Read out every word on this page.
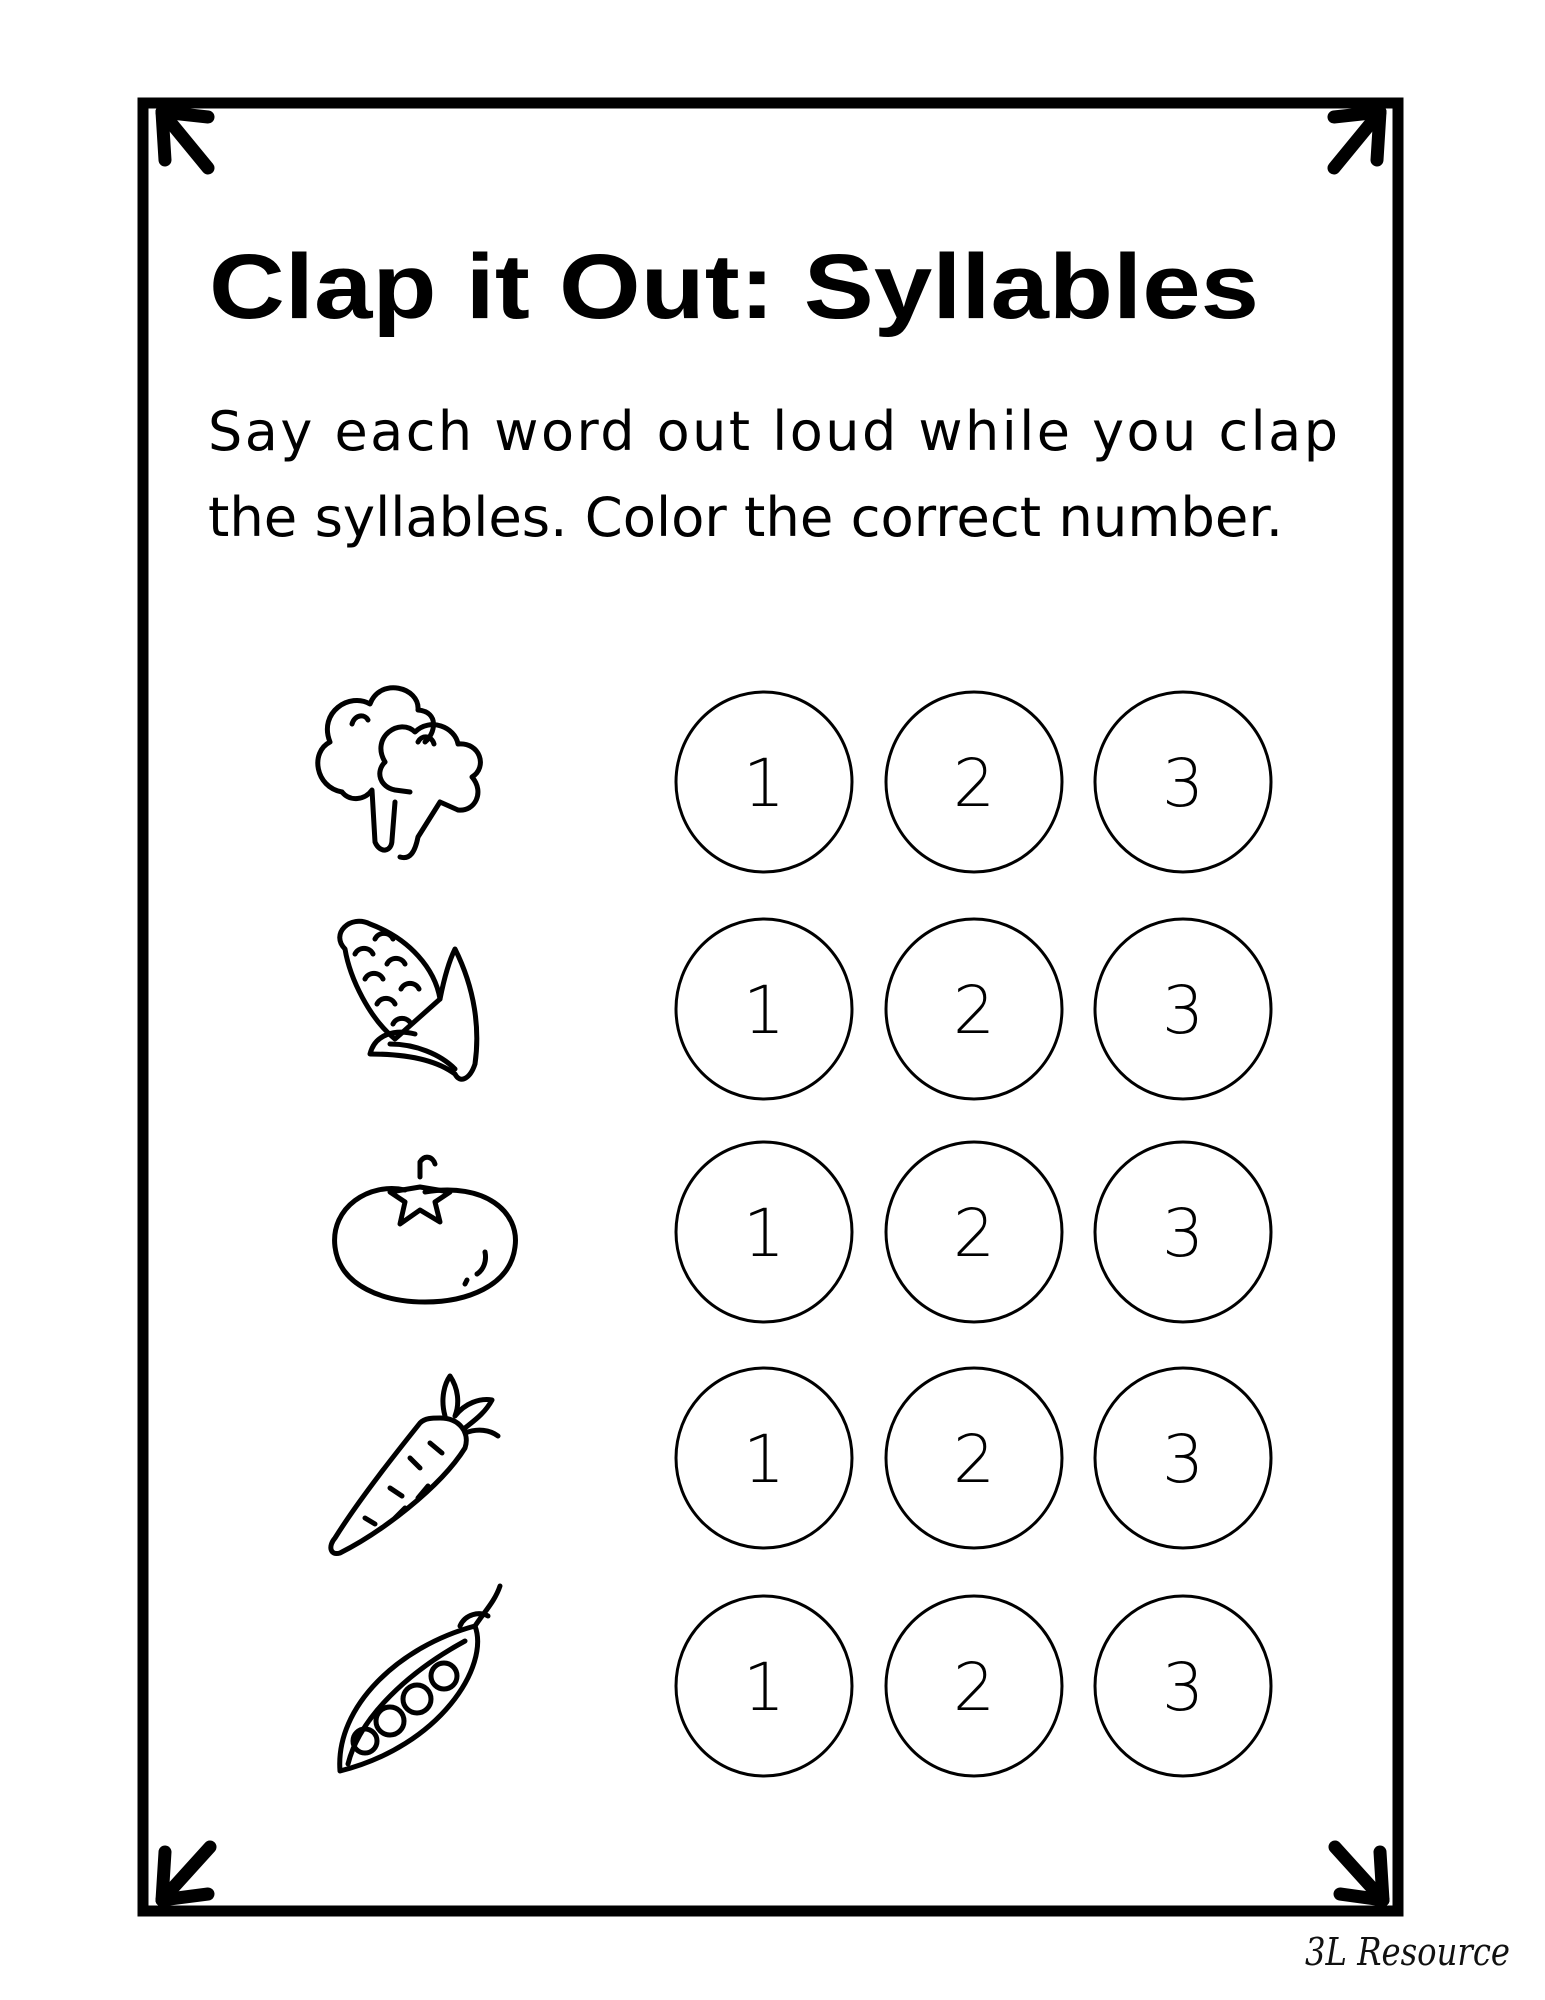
Clap it Out: Syllables
Say each word out loud while you clap
the syllables. Color the correct number.
1	2	3
1	2	3
1	2	3
1	2	3
1	2	3
3L Resource
